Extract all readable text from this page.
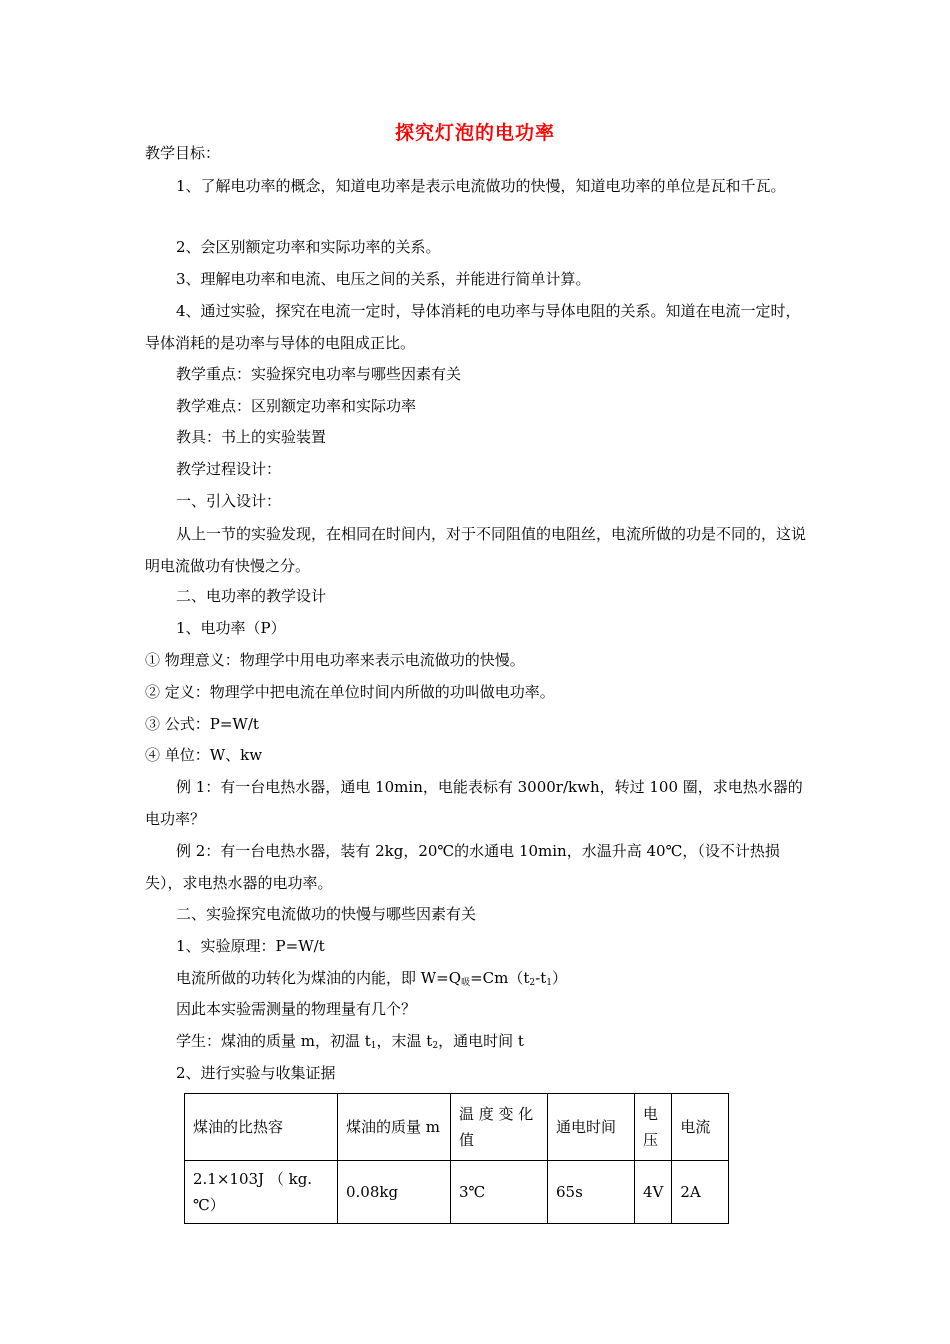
探究灯泡的电功率
教学目标：
1、了解电功率的概念，知道电功率是表示电流做功的快慢，知道电功率的单位是瓦和千瓦。
2、会区别额定功率和实际功率的关系。
3、理解电功率和电流、电压之间的关系，并能进行简单计算。
4、通过实验，探究在电流一定时，导体消耗的电功率与导体电阻的关系。知道在电流一定时，导体消耗的是功率与导体的电阻成正比。
教学重点：实验探究电功率与哪些因素有关
教学难点：区别额定功率和实际功率
教具：书上的实验装置
教学过程设计：
一、引入设计：
从上一节的实验发现，在相同在时间内，对于不同阻值的电阻丝，电流所做的功是不同的，这说明电流做功有快慢之分。
二、电功率的教学设计
1、电功率（P）
① 物理意义：物理学中用电功率来表示电流做功的快慢。
② 定义：物理学中把电流在单位时间内所做的功叫做电功率。
③ 公式：P=W/t
④ 单位：W、kw
例 1：有一台电热水器，通电 10min，电能表标有 3000r/kwh，转过 100 圈，求电热水器的电功率？
例 2：有一台电热水器，装有 2kg，20℃的水通电 10min，水温升高 40℃，（设不计热损失），求电热水器的电功率。
二、实验探究电流做功的快慢与哪些因素有关
1、实验原理：P=W/t
电流所做的功转化为煤油的内能，即 $W=Q_吸=Cm(t_2-t_1)$
因此本实验需测量的物理量有几个？
学生：煤油的质量 m，初温 $t_1$，末温 $t_2$，通电时间 t
2、进行实验与收集证据
煤油的比热容	煤油的质量 m	温 度 变 化 值	通电时间	电压	电流
2.1×103J （ kg.℃）	0.08kg	3℃	65s	4V	2A
